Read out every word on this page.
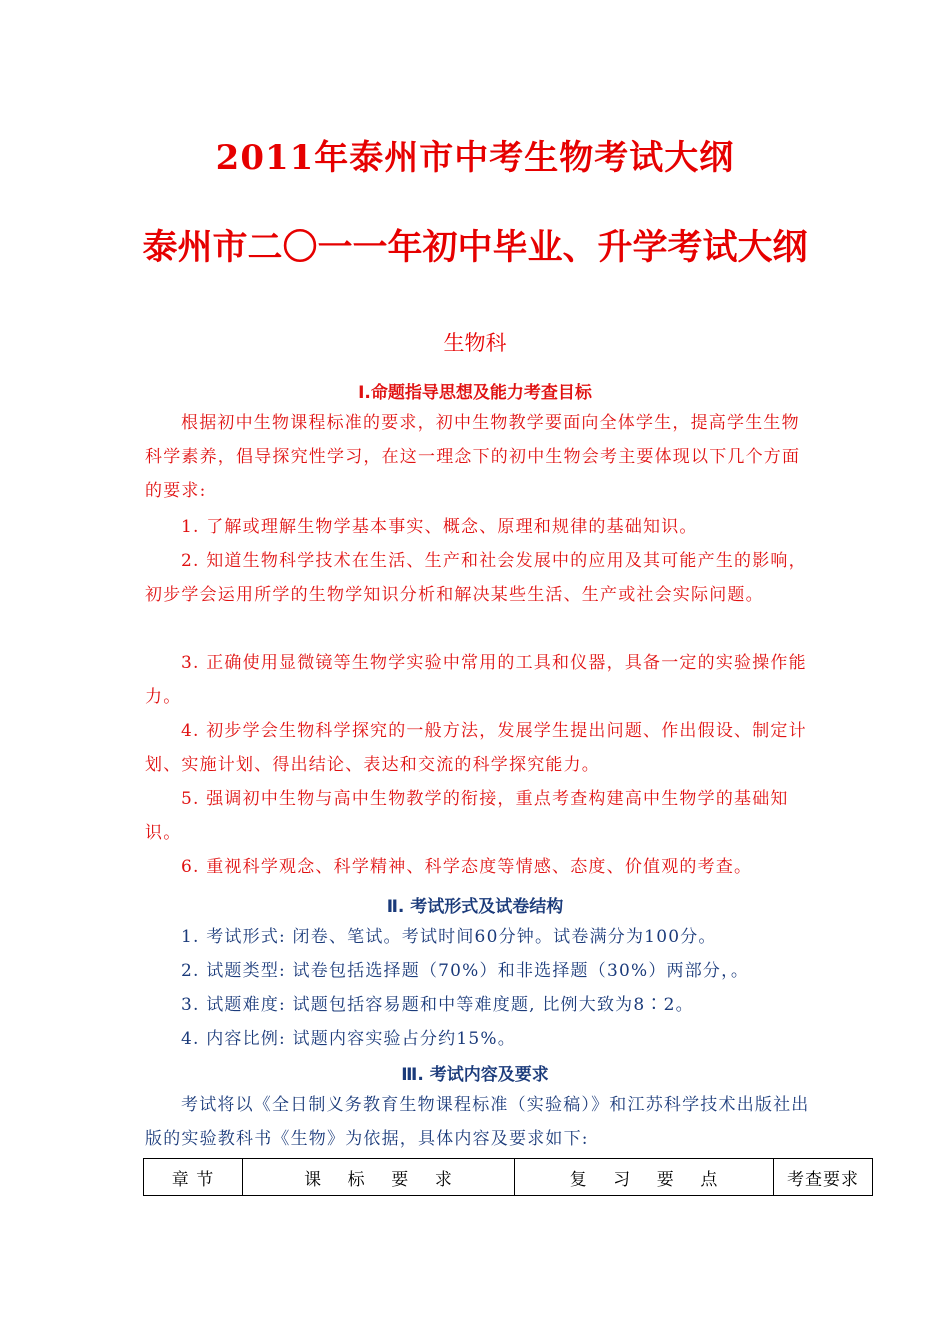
2011年泰州市中考生物考试大纲
泰州市二〇一一年初中毕业、升学考试大纲
生物科
Ⅰ.命题指导思想及能力考查目标

根据初中生物课程标准的要求，初中生物教学要面向全体学生，提高学生生物科学素养，倡导探究性学习，在这一理念下的初中生物会考主要体现以下几个方面的要求:

1. 了解或理解生物学基本事实、概念、原理和规律的基础知识。

2. 知道生物科学技术在生活、生产和社会发展中的应用及其可能产生的影响，初步学会运用所学的生物学知识分析和解决某些生活、生产或社会实际问题。

3. 正确使用显微镜等生物学实验中常用的工具和仪器，具备一定的实验操作能力。

4. 初步学会生物科学探究的一般方法，发展学生提出问题、作出假设、制定计划、实施计划、得出结论、表达和交流的科学探究能力。

5. 强调初中生物与高中生物教学的衔接，重点考查构建高中生物学的基础知识。

6. 重视科学观念、科学精神、科学态度等情感、态度、价值观的考查。

Ⅱ. 考试形式及试卷结构

1. 考试形式: 闭卷、笔试。考试时间60分钟。试卷满分为100分。

2. 试题类型: 试卷包括选择题（70%）和非选择题（30%）两部分，。

3. 试题难度: 试题包括容易题和中等难度题, 比例大致为8∶2。

4. 内容比例: 试题内容实验占分约15%。

Ⅲ. 考试内容及要求

考试将以《全日制义务教育生物课程标准（实验稿）》和江苏科学技术出版社出版的实验教科书《生物》为依据，具体内容及要求如下:

章 节	课    标    要    求	复    习    要    点	考查要求
